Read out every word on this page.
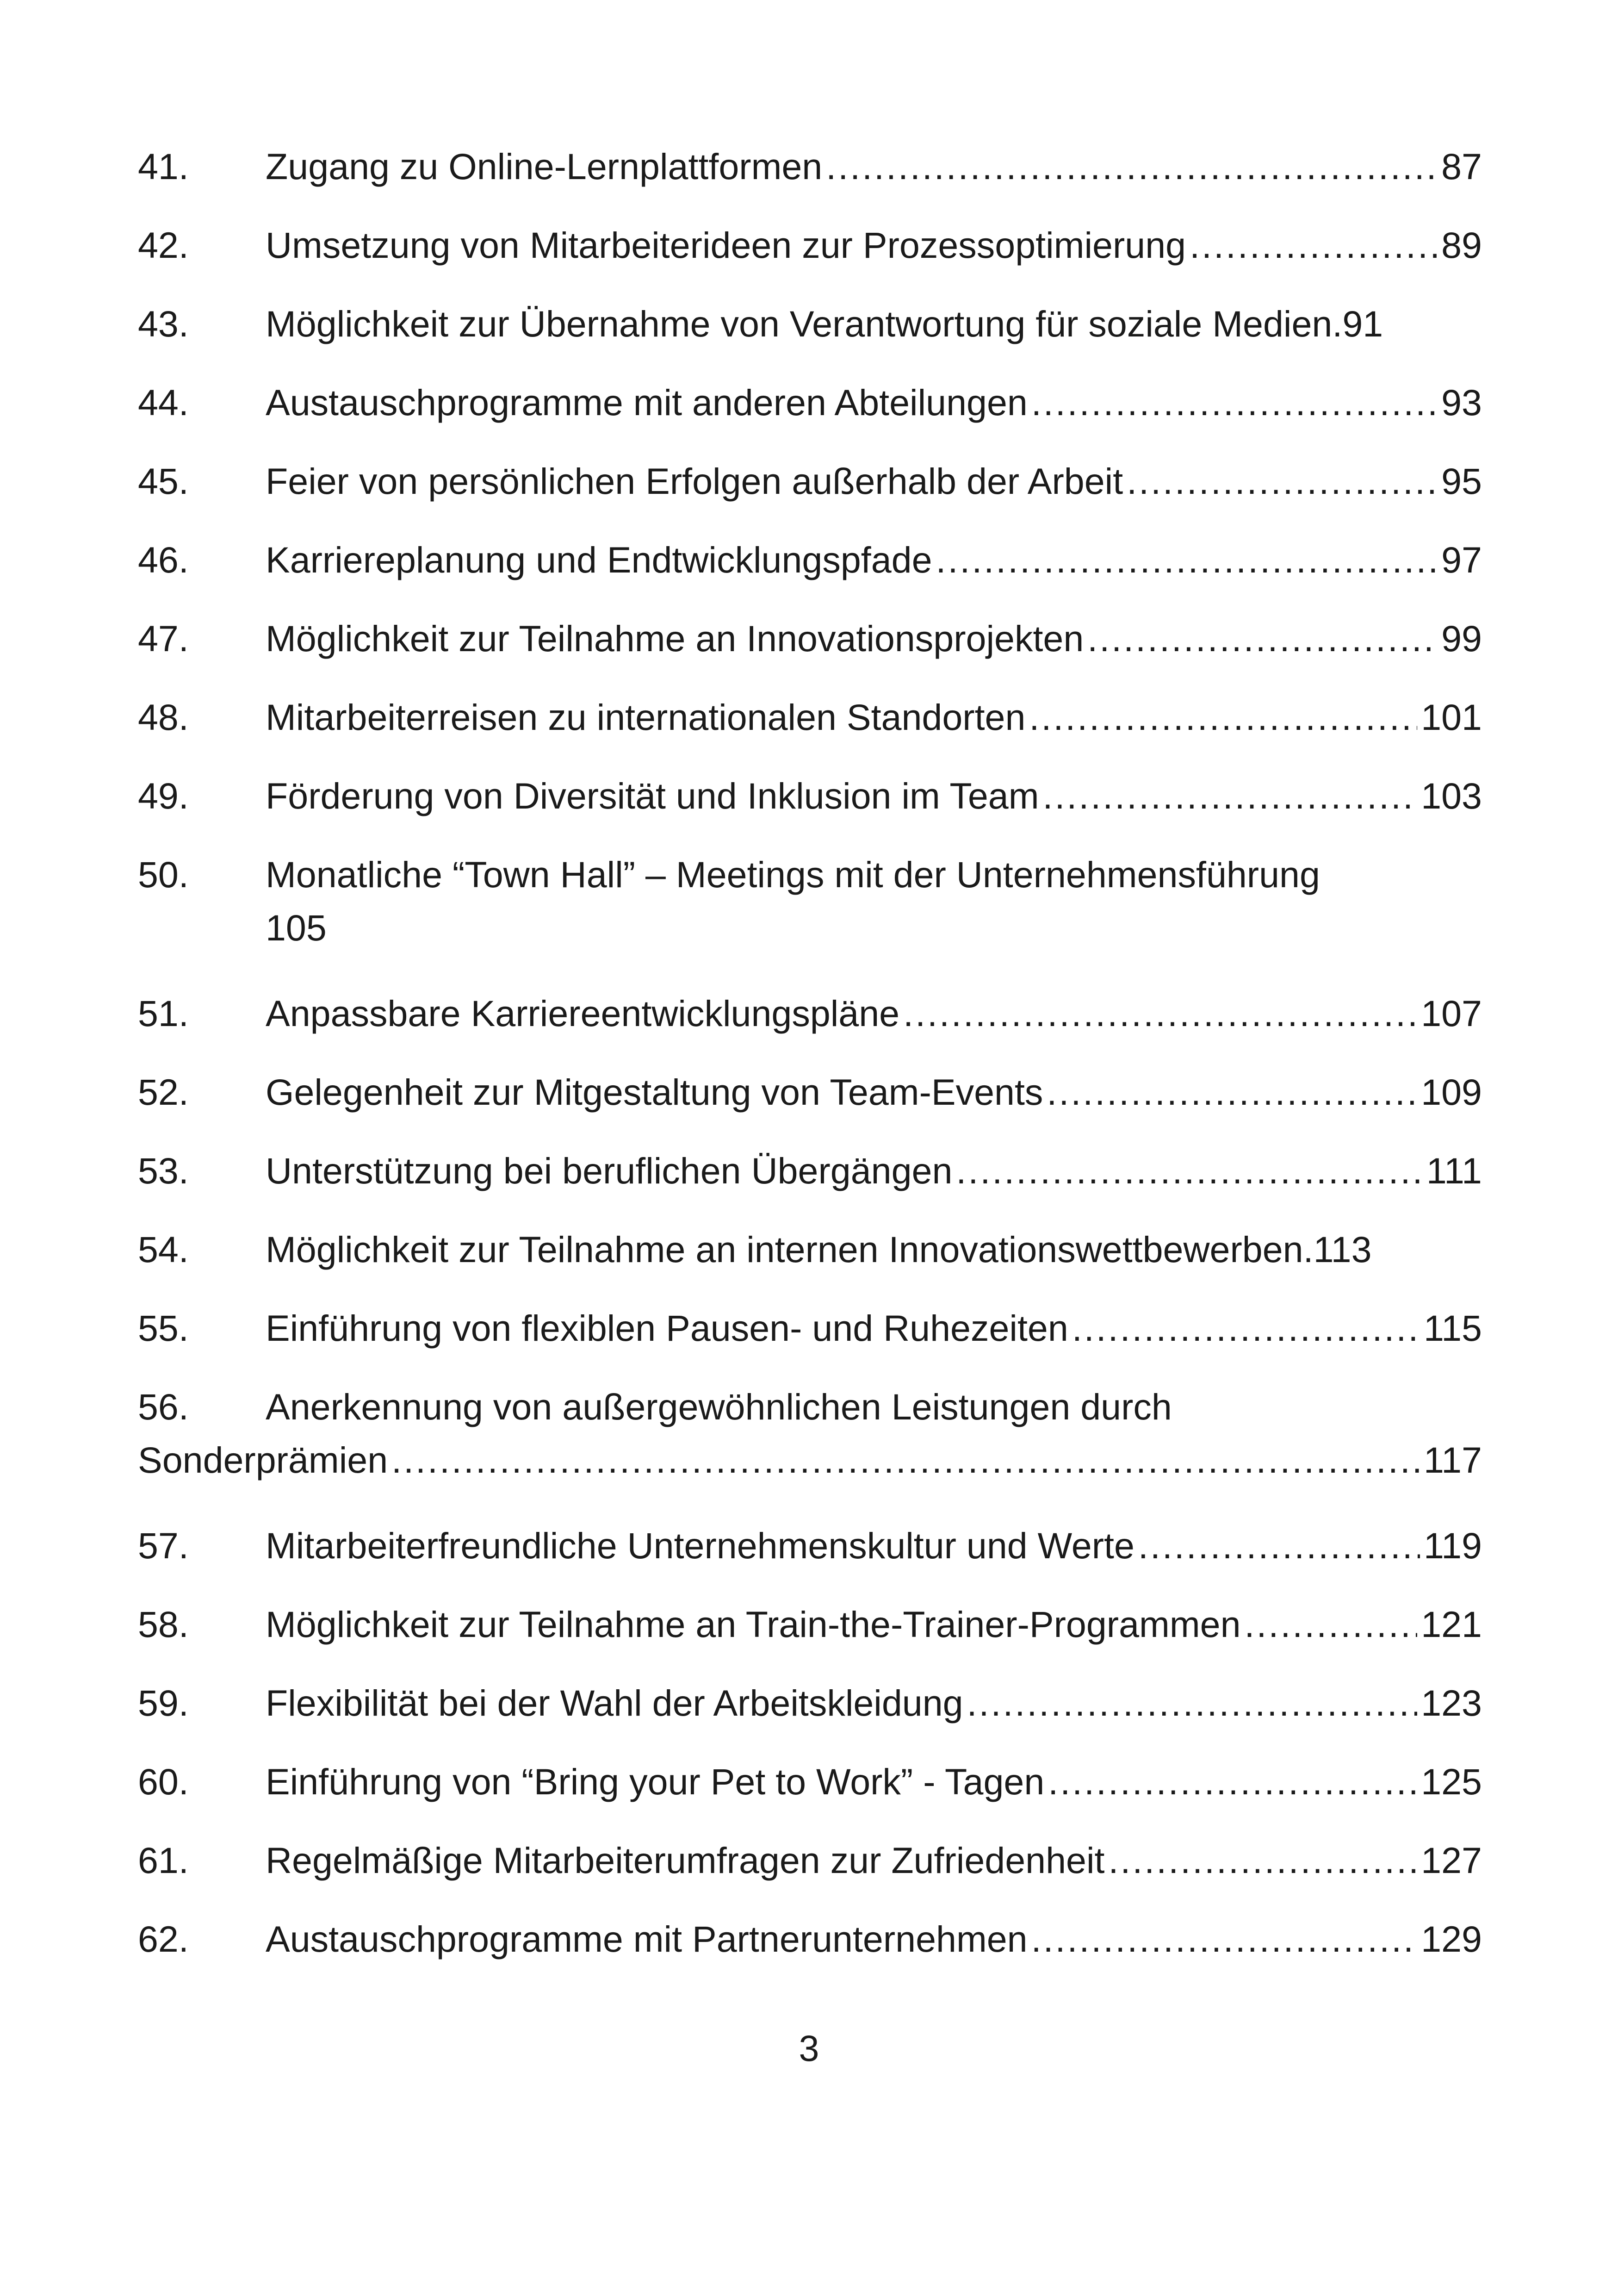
41.	Zugang zu Online-Lernplattformen .....	87
42.	Umsetzung von Mitarbeiterideen zur Prozessoptimierung .....	89
43.	Möglichkeit zur Übernahme von Verantwortung für soziale Medien ..... 91
44.	Austauschprogramme mit anderen Abteilungen .....	93
45.	Feier von persönlichen Erfolgen außerhalb der Arbeit .....	95
46.	Karriereplanung und Endtwicklungspfade .....	97
47.	Möglichkeit zur Teilnahme an Innovationsprojekten .....	99
48.	Mitarbeiterreisen zu internationalen Standorten .....	101
49.	Förderung von Diversität und Inklusion im Team .....	103
50.	Monatliche “Town Hall” – Meetings mit der Unternehmensführung
105
51.	Anpassbare Karriereentwicklungspläne .....	107
52.	Gelegenheit zur Mitgestaltung von Team-Events .....	109
53.	Unterstützung bei beruflichen Übergängen .....	111
54.	Möglichkeit zur Teilnahme an internen Innovationswettbewerben ..... 113
55.	Einführung von flexiblen Pausen- und Ruhezeiten .....	115
56.	Anerkennung von außergewöhnlichen Leistungen durch
Sonderprämien .....	117
57.	Mitarbeiterfreundliche Unternehmenskultur und Werte .....	119
58.	Möglichkeit zur Teilnahme an Train-the-Trainer-Programmen .....	121
59.	Flexibilität bei der Wahl der Arbeitskleidung .....	123
60.	Einführung von “Bring your Pet to Work” - Tagen .....	125
61.	Regelmäßige Mitarbeiterumfragen zur Zufriedenheit .....	127
62.	Austauschprogramme mit Partnerunternehmen .....	129
3
